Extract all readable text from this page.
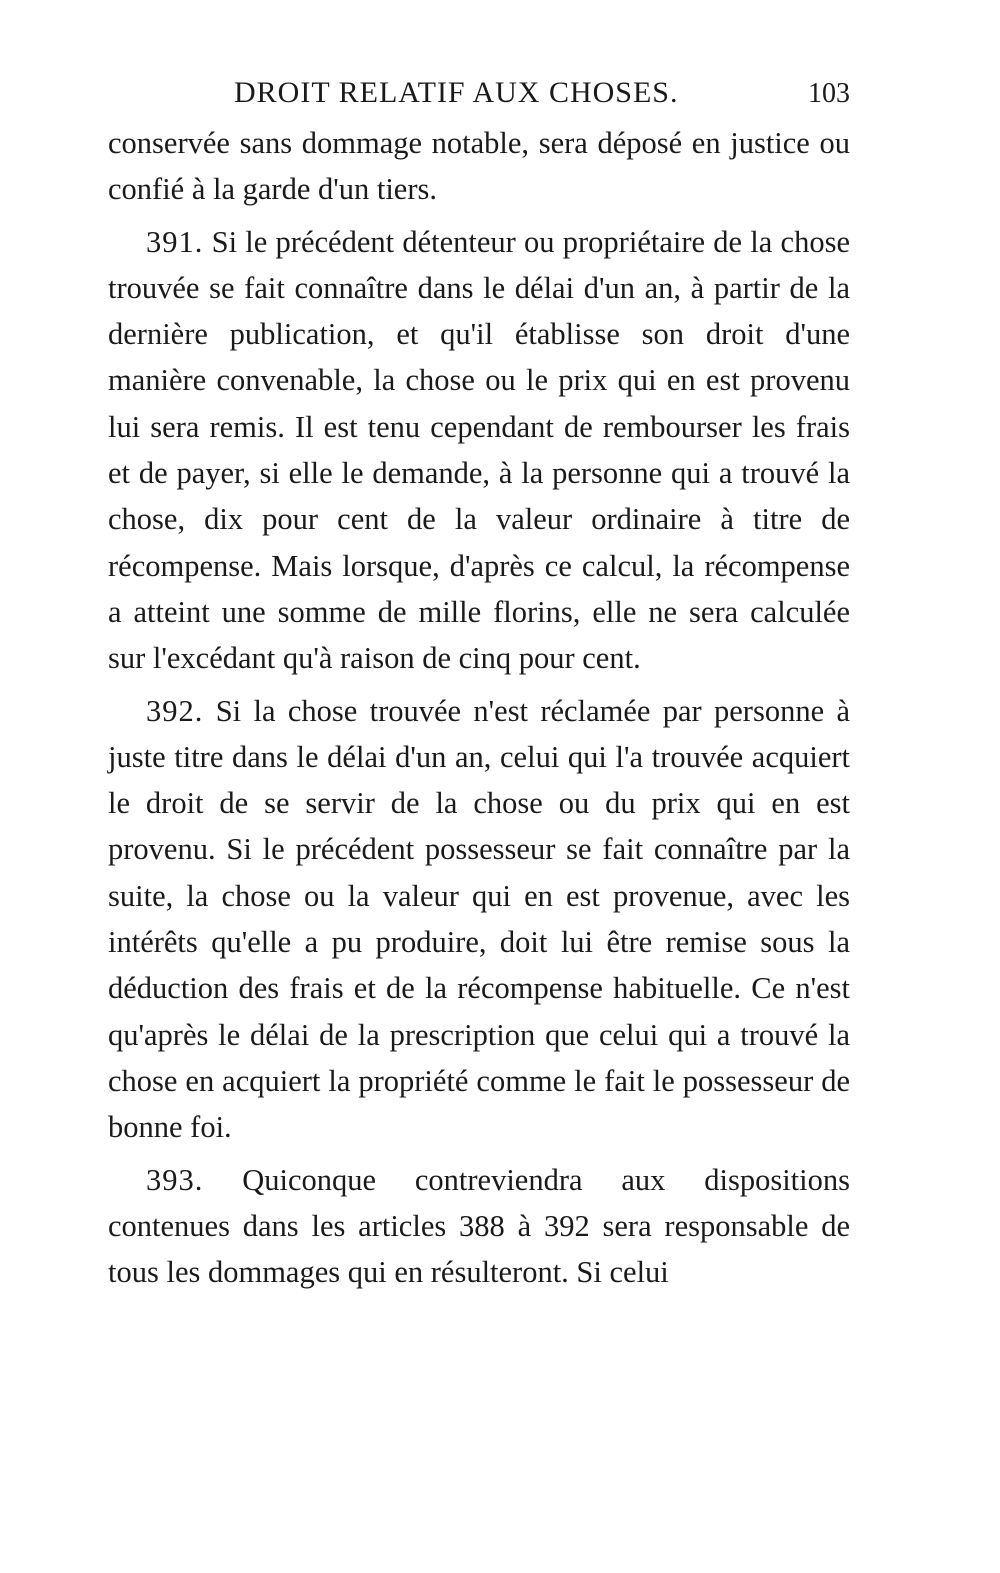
DROIT RELATIF AUX CHOSES.	103

conservée sans dommage notable, sera déposé en justice ou confié à la garde d'un tiers.

391. Si le précédent détenteur ou propriétaire de la chose trouvée se fait connaître dans le délai d'un an, à partir de la dernière publication, et qu'il établisse son droit d'une manière convenable, la chose ou le prix qui en est provenu lui sera remis. Il est tenu cependant de rembourser les frais et de payer, si elle le demande, à la personne qui a trouvé la chose, dix pour cent de la valeur ordinaire à titre de récompense. Mais lorsque, d'après ce calcul, la récompense a atteint une somme de mille florins, elle ne sera calculée sur l'excédant qu'à raison de cinq pour cent.

392. Si la chose trouvée n'est réclamée par personne à juste titre dans le délai d'un an, celui qui l'a trouvée acquiert le droit de se servir de la chose ou du prix qui en est provenu. Si le précédent possesseur se fait connaître par la suite, la chose ou la valeur qui en est provenue, avec les intérêts qu'elle a pu produire, doit lui être remise sous la déduction des frais et de la récompense habituelle. Ce n'est qu'après le délai de la prescription que celui qui a trouvé la chose en acquiert la propriété comme le fait le possesseur de bonne foi.

393. Quiconque contreviendra aux dispositions contenues dans les articles 388 à 392 sera responsable de tous les dommages qui en résulteront. Si celui
